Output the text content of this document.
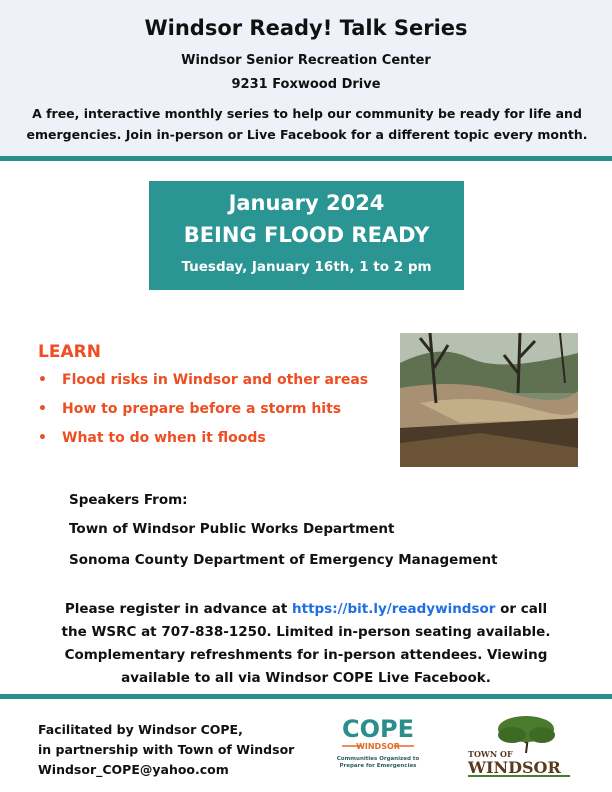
Windsor Ready! Talk Series
Windsor Senior Recreation Center
9231 Foxwood Drive
A free, interactive monthly series to help our community be ready for life and emergencies. Join in-person or Live Facebook for a different topic every month.
January 2024
BEING FLOOD READY
Tuesday, January 16th, 1 to 2 pm
LEARN
• Flood risks in Windsor and other areas
• How to prepare before a storm hits
• What to do when it floods
Speakers From:
Town of Windsor Public Works Department
Sonoma County Department of Emergency Management
Please register in advance at https://bit.ly/readywindsor or call the WSRC at 707-838-1250. Limited in-person seating available. Complementary refreshments for in-person attendees. Viewing available to all via Windsor COPE Live Facebook.
Facilitated by Windsor COPE,
in partnership with Town of Windsor
Windsor_COPE@yahoo.com
COPE
WINDSOR
Communities Organized to
Prepare for Emergencies
TOWN OF
WINDSOR
